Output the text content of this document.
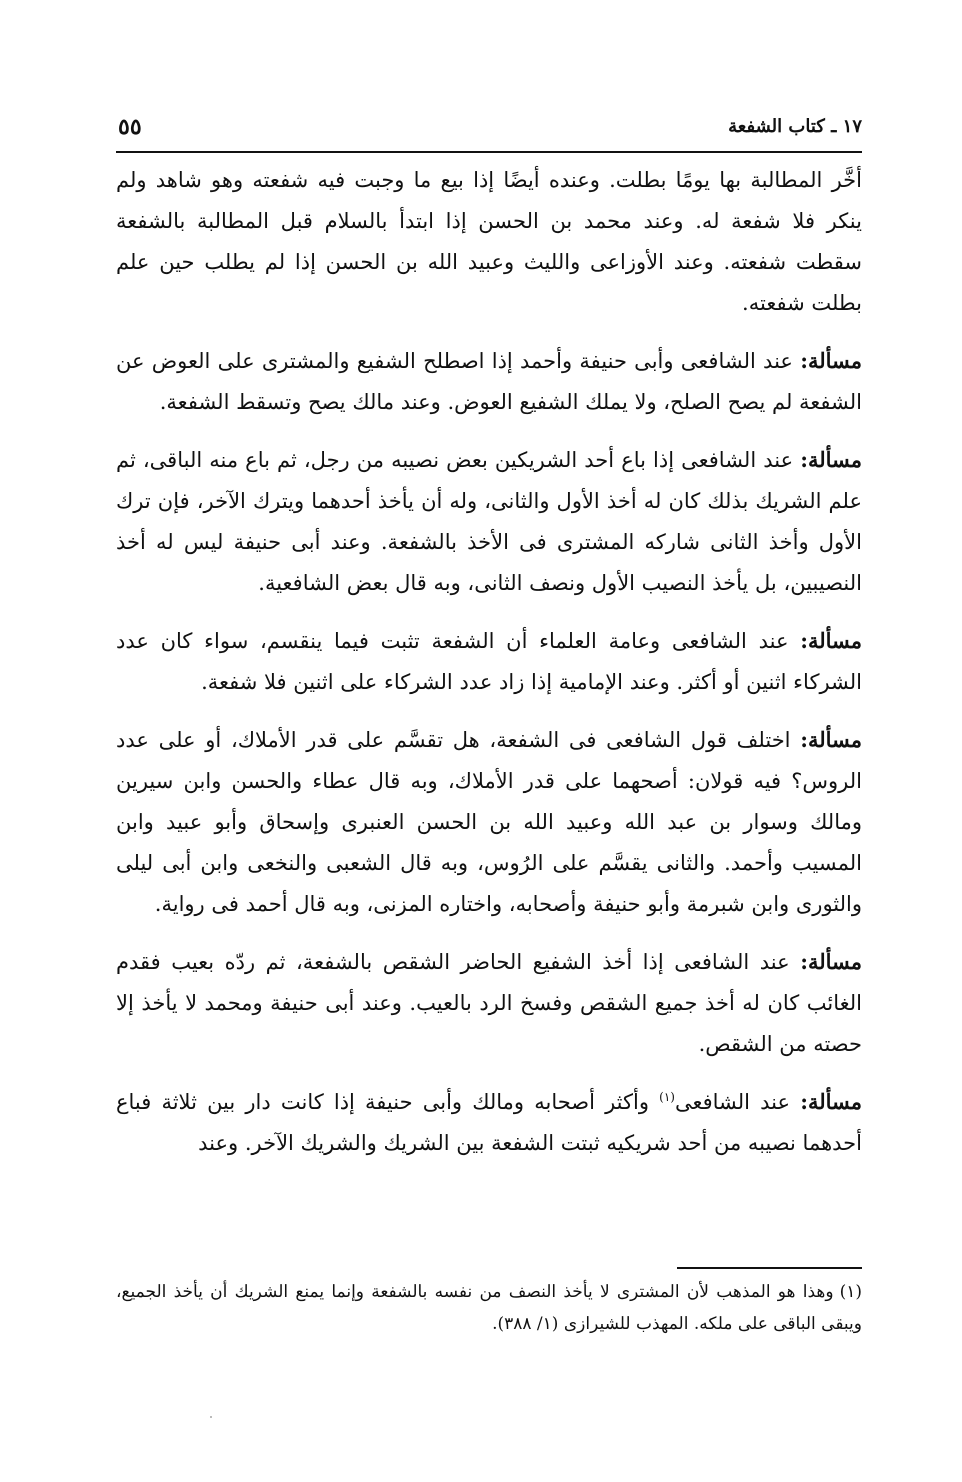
١٧ ـ كتاب الشفعة
٥٥

أخَّر المطالبة بها يومًا بطلت. وعنده أيضًا إذا بيع ما وجبت فيه شفعته وهو شاهد ولم ينكر فلا شفعة له. وعند محمد بن الحسن إذا ابتدأ بالسلام قبل المطالبة بالشفعة سقطت شفعته. وعند الأوزاعى والليث وعبيد الله بن الحسن إذا لم يطلب حين علم بطلت شفعته.

مسألة: عند الشافعى وأبى حنيفة وأحمد إذا اصطلح الشفيع والمشترى على العوض عن الشفعة لم يصح الصلح، ولا يملك الشفيع العوض. وعند مالك يصح وتسقط الشفعة.

مسألة: عند الشافعى إذا باع أحد الشريكين بعض نصيبه من رجل، ثم باع منه الباقى، ثم علم الشريك بذلك كان له أخذ الأول والثانى، وله أن يأخذ أحدهما ويترك الآخر، فإن ترك الأول وأخذ الثانى شاركه المشترى فى الأخذ بالشفعة. وعند أبى حنيفة ليس له أخذ النصيبين، بل يأخذ النصيب الأول ونصف الثانى، وبه قال بعض الشافعية.

مسألة: عند الشافعى وعامة العلماء أن الشفعة تثبت فيما ينقسم، سواء كان عدد الشركاء اثنين أو أكثر. وعند الإمامية إذا زاد عدد الشركاء على اثنين فلا شفعة.

مسألة: اختلف قول الشافعى فى الشفعة، هل تقسَّم على قدر الأملاك، أو على عدد الروس؟ فيه قولان: أصحهما على قدر الأملاك، وبه قال عطاء والحسن وابن سيرين ومالك وسوار بن عبد الله وعبيد الله بن الحسن العنبرى وإسحاق وأبو عبيد وابن المسيب وأحمد. والثانى يقسَّم على الرُوس، وبه قال الشعبى والنخعى وابن أبى ليلى والثورى وابن شبرمة وأبو حنيفة وأصحابه، واختاره المزنى، وبه قال أحمد فى رواية.

مسألة: عند الشافعى إذا أخذ الشفيع الحاضر الشقص بالشفعة، ثم ردّه بعيب فقدم الغائب كان له أخذ جميع الشقص وفسخ الرد بالعيب. وعند أبى حنيفة ومحمد لا يأخذ إلا حصته من الشقص.

مسألة: عند الشافعى$^{(١)}$ وأكثر أصحابه ومالك وأبى حنيفة إذا كانت دار بين ثلاثة فباع أحدهما نصيبه من أحد شريكيه ثبتت الشفعة بين الشريك والشريك الآخر. وعند

(١)وهذا هو المذهب لأن المشترى لا يأخذ النصف من نفسه بالشفعة وإنما يمنع الشريك أن يأخذ الجميع، ويبقى الباقى على ملكه. المهذب للشيرازى (١/ ٣٨٨).
